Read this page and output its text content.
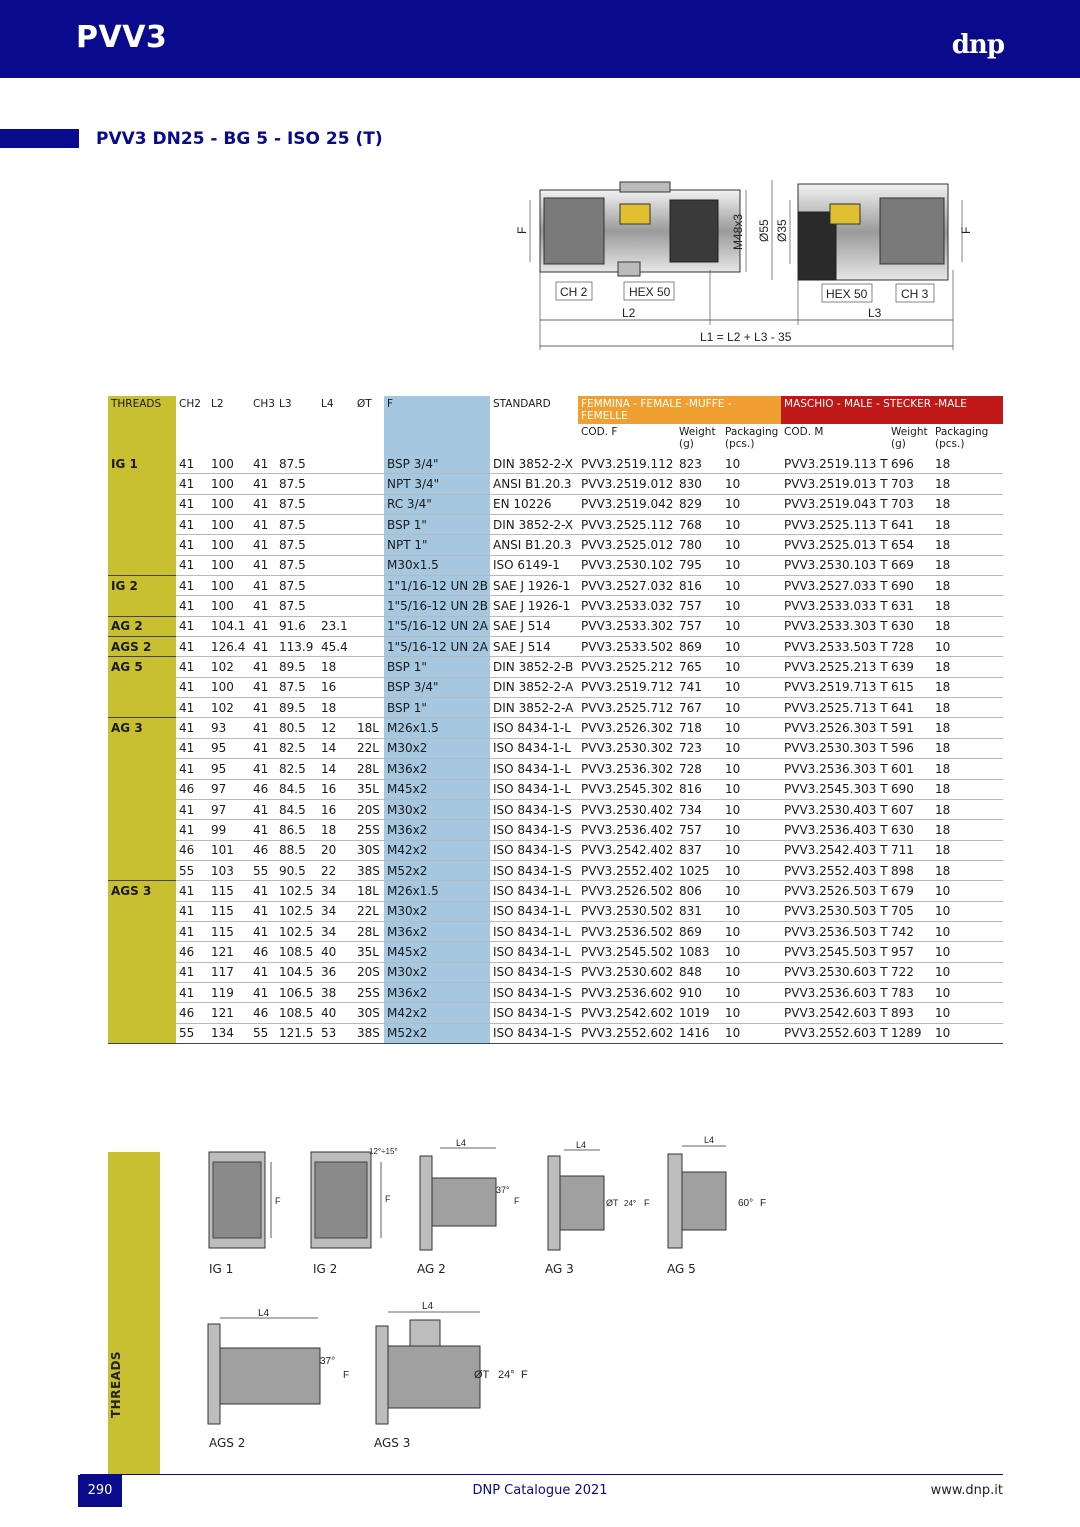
PVV3	dnp
PVV3 DN25 - BG 5 - ISO 25 (T)
CH 2	HEX 50
L2
HEX 50	CH 3
L3
L1 = L2 + L3 - 35
F	M48x3 Ø55 Ø35	F
THREADS	CH2	L2	CH3	L3	L4	ØT	F	STANDARD	FEMMINA - FEMALE -MUFFE - FEMELLE			MASCHIO - MALE - STECKER -MALE		
									COD. F	Weight (g)	Packaging (pcs.)	COD. M	Weight (g)	Packaging (pcs.)
IG 1	41	100	41	87.5			BSP 3/4"	DIN 3852-2-X	PVV3.2519.112	823	10	PVV3.2519.113 T	696	18
	41	100	41	87.5			NPT 3/4"	ANSI B1.20.3	PVV3.2519.012	830	10	PVV3.2519.013 T	703	18
	41	100	41	87.5			RC 3/4"	EN 10226	PVV3.2519.042	829	10	PVV3.2519.043 T	703	18
	41	100	41	87.5			BSP 1"	DIN 3852-2-X	PVV3.2525.112	768	10	PVV3.2525.113 T	641	18
	41	100	41	87.5			NPT 1"	ANSI B1.20.3	PVV3.2525.012	780	10	PVV3.2525.013 T	654	18
	41	100	41	87.5			M30x1.5	ISO 6149-1	PVV3.2530.102	795	10	PVV3.2530.103 T	669	18
IG 2	41	100	41	87.5			1"1/16-12 UN 2B	SAE J 1926-1	PVV3.2527.032	816	10	PVV3.2527.033 T	690	18
	41	100	41	87.5			1"5/16-12 UN 2B	SAE J 1926-1	PVV3.2533.032	757	10	PVV3.2533.033 T	631	18
AG 2	41	104.1	41	91.6	23.1		1"5/16-12 UN 2A	SAE J 514	PVV3.2533.302	757	10	PVV3.2533.303 T	630	18
AGS 2	41	126.4	41	113.9	45.4		1"5/16-12 UN 2A	SAE J 514	PVV3.2533.502	869	10	PVV3.2533.503 T	728	10
AG 5	41	102	41	89.5	18		BSP 1"	DIN 3852-2-B	PVV3.2525.212	765	10	PVV3.2525.213 T	639	18
	41	100	41	87.5	16		BSP 3/4"	DIN 3852-2-A	PVV3.2519.712	741	10	PVV3.2519.713 T	615	18
	41	102	41	89.5	18		BSP 1"	DIN 3852-2-A	PVV3.2525.712	767	10	PVV3.2525.713 T	641	18
AG 3	41	93	41	80.5	12	18L	M26x1.5	ISO 8434-1-L	PVV3.2526.302	718	10	PVV3.2526.303 T	591	18
	41	95	41	82.5	14	22L	M30x2	ISO 8434-1-L	PVV3.2530.302	723	10	PVV3.2530.303 T	596	18
	41	95	41	82.5	14	28L	M36x2	ISO 8434-1-L	PVV3.2536.302	728	10	PVV3.2536.303 T	601	18
	46	97	46	84.5	16	35L	M45x2	ISO 8434-1-L	PVV3.2545.302	816	10	PVV3.2545.303 T	690	18
	41	97	41	84.5	16	20S	M30x2	ISO 8434-1-S	PVV3.2530.402	734	10	PVV3.2530.403 T	607	18
	41	99	41	86.5	18	25S	M36x2	ISO 8434-1-S	PVV3.2536.402	757	10	PVV3.2536.403 T	630	18
	46	101	46	88.5	20	30S	M42x2	ISO 8434-1-S	PVV3.2542.402	837	10	PVV3.2542.403 T	711	18
	55	103	55	90.5	22	38S	M52x2	ISO 8434-1-S	PVV3.2552.402	1025	10	PVV3.2552.403 T	898	18
AGS 3	41	115	41	102.5	34	18L	M26x1.5	ISO 8434-1-L	PVV3.2526.502	806	10	PVV3.2526.503 T	679	10
	41	115	41	102.5	34	22L	M30x2	ISO 8434-1-L	PVV3.2530.502	831	10	PVV3.2530.503 T	705	10
	41	115	41	102.5	34	28L	M36x2	ISO 8434-1-L	PVV3.2536.502	869	10	PVV3.2536.503 T	742	10
	46	121	46	108.5	40	35L	M45x2	ISO 8434-1-L	PVV3.2545.502	1083	10	PVV3.2545.503 T	957	10
	41	117	41	104.5	36	20S	M30x2	ISO 8434-1-S	PVV3.2530.602	848	10	PVV3.2530.603 T	722	10
	41	119	41	106.5	38	25S	M36x2	ISO 8434-1-S	PVV3.2536.602	910	10	PVV3.2536.603 T	783	10
	46	121	46	108.5	40	30S	M42x2	ISO 8434-1-S	PVV3.2542.602	1019	10	PVV3.2542.603 T	893	10
	55	134	55	121.5	53	38S	M52x2	ISO 8434-1-S	PVV3.2552.602	1416	10	PVV3.2552.603 T	1289	10
THREADS
F
IG 1
F
12°÷15°
IG 2
L4
37°
F
AG 2
L4
ØT 24° F
AG 3
L4
60° F
AG 5
L4
37°
F
AGS 2
L4
ØT 24° F
AGS 3
290	DNP Catalogue 2021	www.dnp.it
